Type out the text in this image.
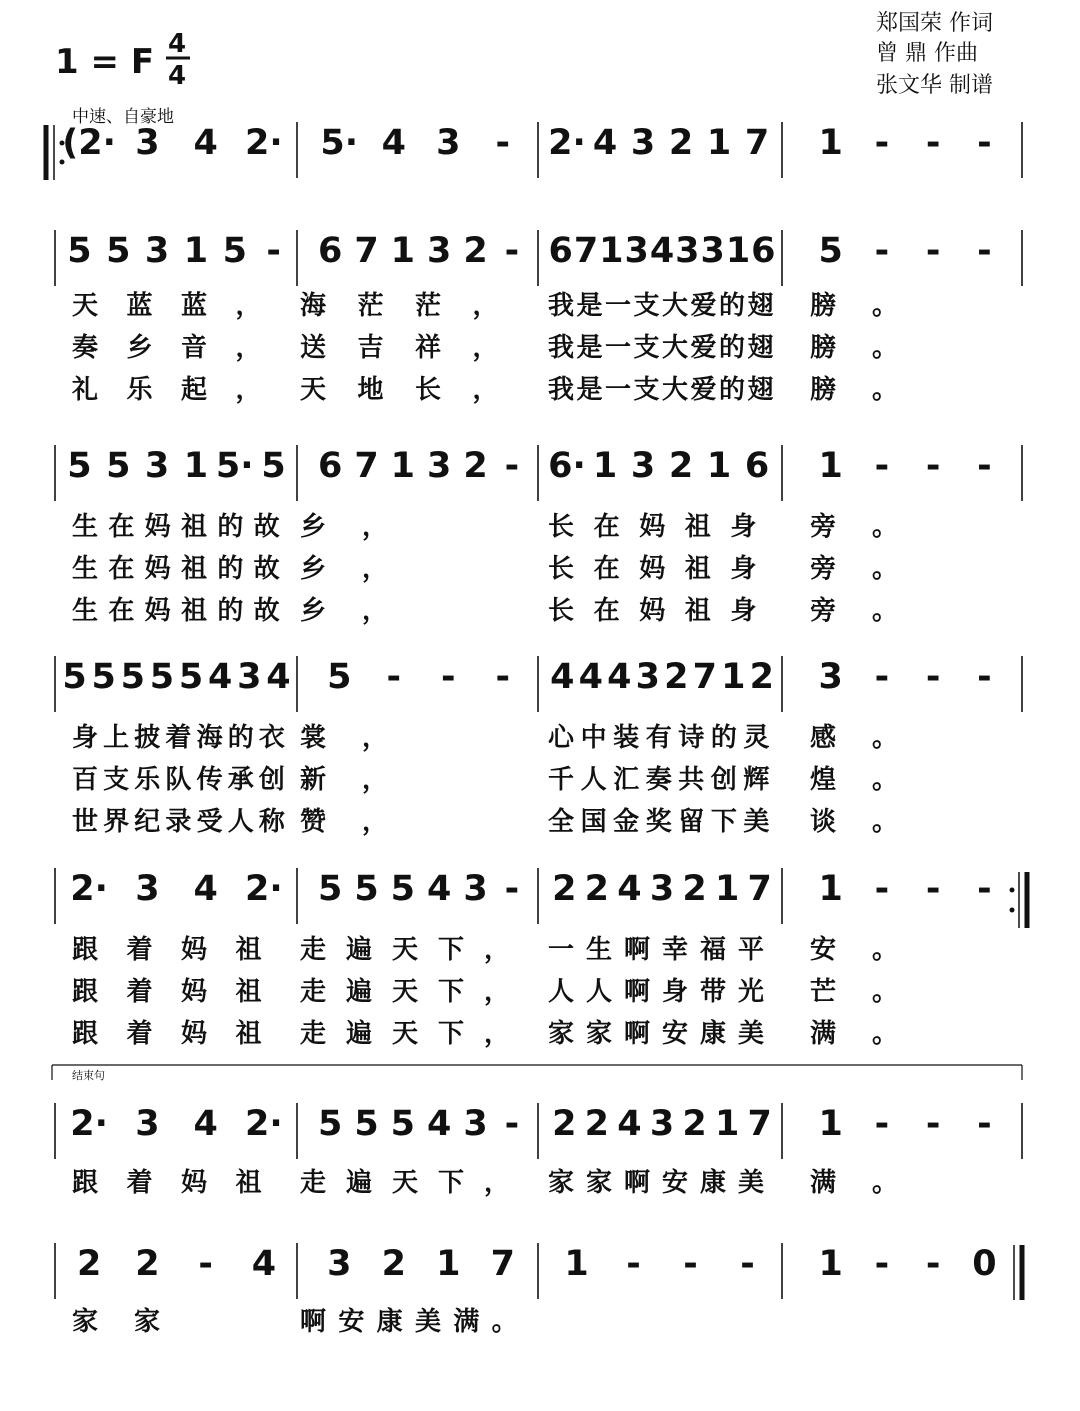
1 = F 4
4
郑国荣 作词
曾 鼎 作曲
张文华 制谱
中速、自豪地
结束句
(2· 3 4 2· 5· 4 3 - 2· 4 3 2 1 7 1 - - -
5 5 3 1 5 - 6 7 1 3 2 - 6 7 1 3 4 3 3 1 6 5 - - -
天蓝蓝， 海茫茫， 我是一支大爱的翅 膀。
奏乡音， 送吉祥， 我是一支大爱的翅 膀。
礼乐起， 天地长， 我是一支大爱的翅 膀。
5 5 3 1 5· 5 6 7 1 3 2 - 6· 1 3 2 1 6 1 - - -
生在妈祖的故 乡，	长在妈祖身 旁。
生在妈祖的故 乡，	长在妈祖身 旁。
生在妈祖的故 乡，	长在妈祖身 旁。
5 5 5 5 5 4 3 4 5 - - - 4 4 4 3 2 7 1 2 3 - - -
身上披着海的衣 裳，	心中装有诗的灵 感。
百支乐队传承创 新，	千人汇奏共创辉 煌。
世界纪录受人称 赞，	全国金奖留下美 谈。
2· 3 4 2· 5 5 5 4 3 - 2 2 4 3 2 1 7 1 - - -
跟着妈祖 走遍天下， 一生啊幸福平 安。
跟着妈祖 走遍天下， 人人啊身带光 芒。
跟着妈祖 走遍天下， 家家啊安康美 满。
2· 3 4 2· 5 5 5 4 3 - 2 2 4 3 2 1 7 1 - - -
跟着妈祖 走遍天下， 家家啊安康美 满。
2 2 - 4 3 2 1 7 1 - - - 1 - - 0
家家	啊安康美满。
